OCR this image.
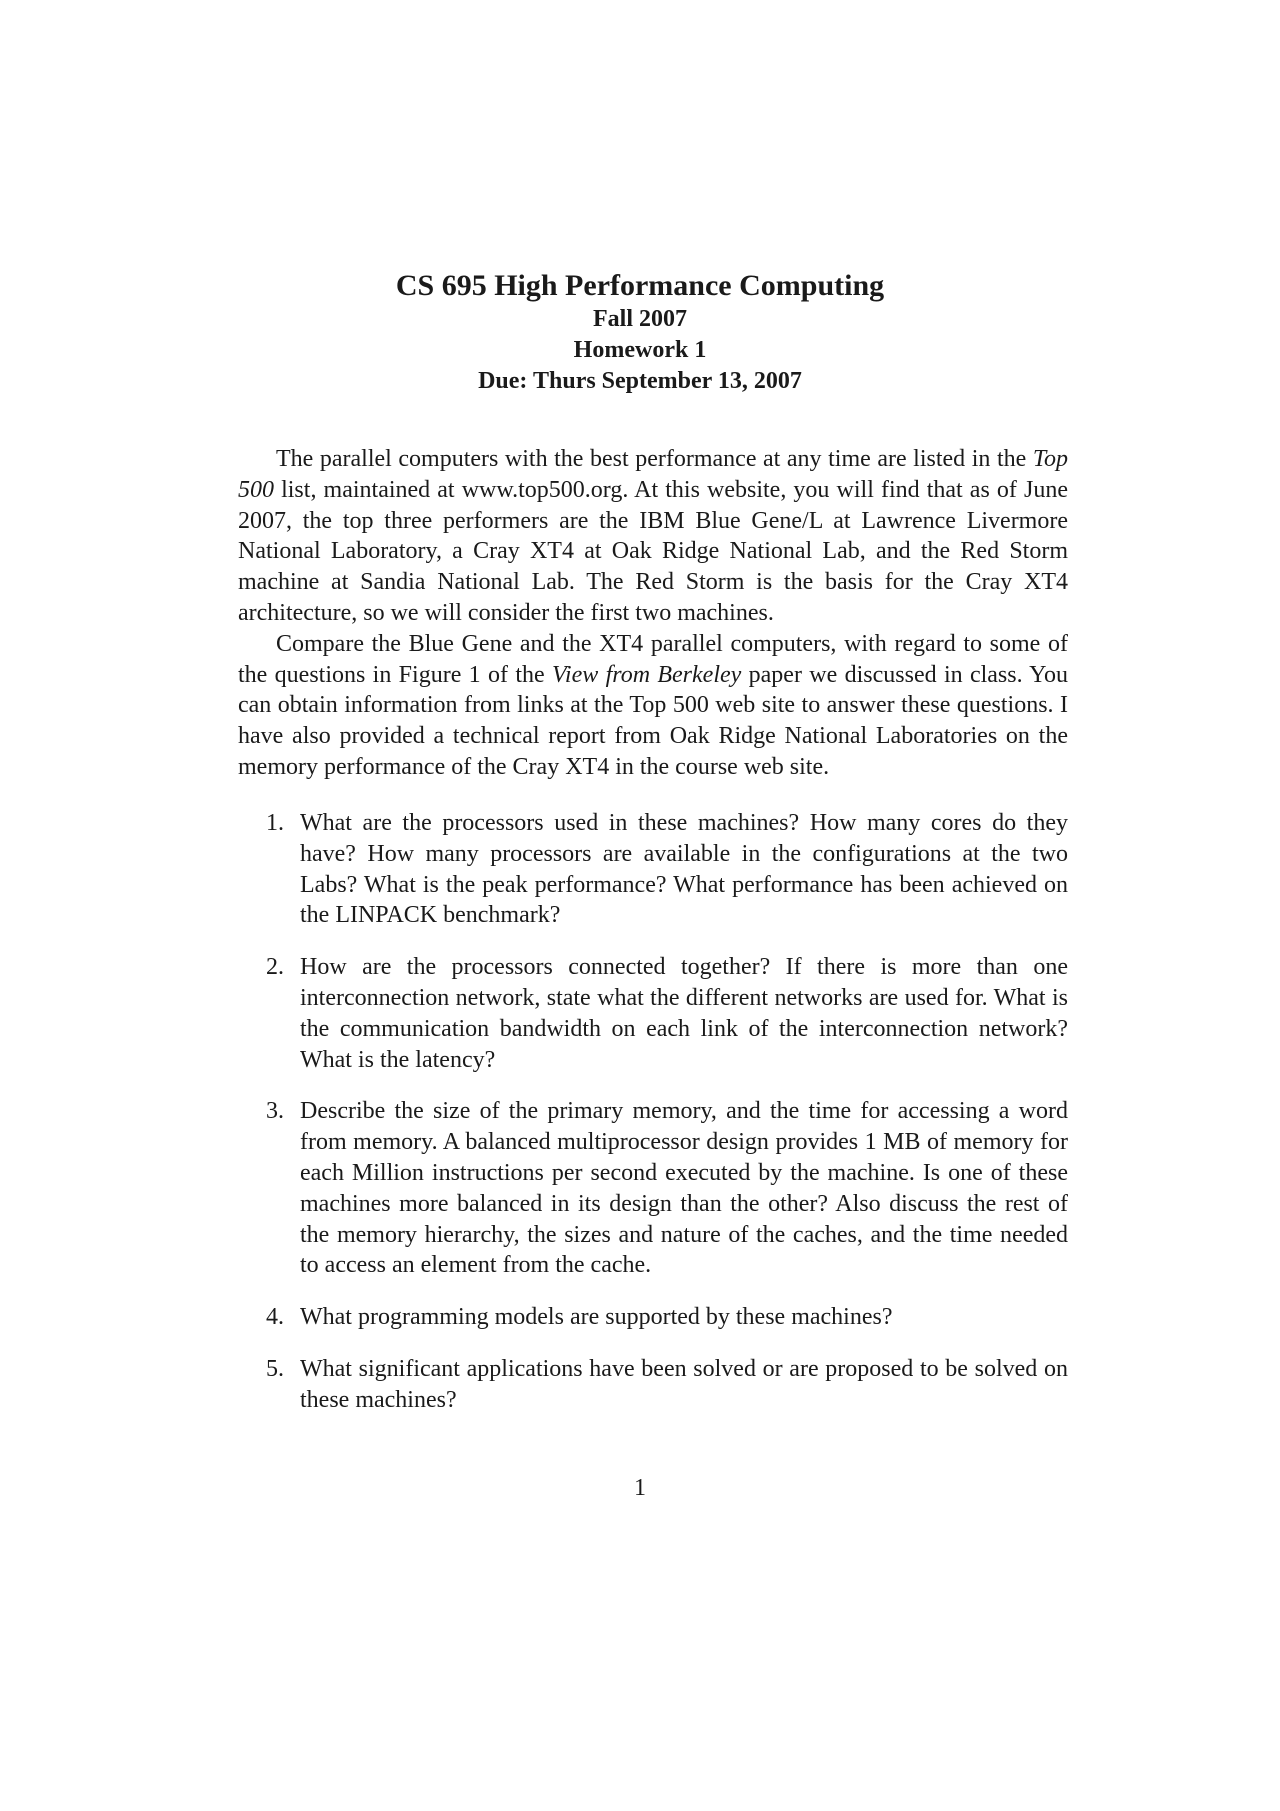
CS 695 High Performance Computing
Fall 2007
Homework 1
Due: Thurs September 13, 2007

The parallel computers with the best performance at any time are listed in the Top 500 list, maintained at www.top500.org. At this website, you will find that as of June 2007, the top three performers are the IBM Blue Gene/L at Lawrence Livermore National Laboratory, a Cray XT4 at Oak Ridge National Lab, and the Red Storm machine at Sandia National Lab. The Red Storm is the basis for the Cray XT4 architecture, so we will consider the first two machines.

Compare the Blue Gene and the XT4 parallel computers, with regard to some of the questions in Figure 1 of the View from Berkeley paper we discussed in class. You can obtain information from links at the Top 500 web site to answer these questions. I have also provided a technical report from Oak Ridge National Laboratories on the memory performance of the Cray XT4 in the course web site.

1. What are the processors used in these machines? How many cores do they have? How many processors are available in the configurations at the two Labs? What is the peak performance? What performance has been achieved on the LINPACK benchmark?
2. How are the processors connected together? If there is more than one interconnection network, state what the different networks are used for. What is the communication bandwidth on each link of the interconnection network? What is the latency?
3. Describe the size of the primary memory, and the time for accessing a word from memory. A balanced multiprocessor design provides 1 MB of memory for each Million instructions per second executed by the machine. Is one of these machines more balanced in its design than the other? Also discuss the rest of the memory hierarchy, the sizes and nature of the caches, and the time needed to access an element from the cache.
4. What programming models are supported by these machines?
5. What significant applications have been solved or are proposed to be solved on these machines?
1
